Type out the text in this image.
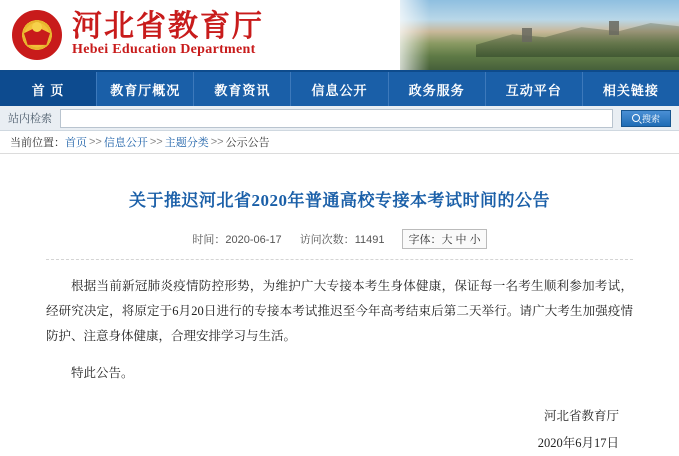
河北省教育厅
Hebei Education Department
首 页	教育厅概况	教育资讯	信息公开	政务服务	互动平台	相关链接
站内检索	搜索
当前位置： 首页 >> 信息公开 >> 主题分类 >> 公示公告
关于推迟河北省2020年普通高校专接本考试时间的公告
时间：2020-06-17 访问次数：11491	字体：大 中 小

根据当前新冠肺炎疫情防控形势，为维护广大专接本考生身体健康，保证每一名考生顺利参加考试，经研究决定，将原定于6月20日进行的专接本考试推迟至今年高考结束后第二天举行。请广大考生加强疫情防护、注意身体健康，合理安排学习与生活。

特此公告。

河北省教育厅
2020年6月17日
